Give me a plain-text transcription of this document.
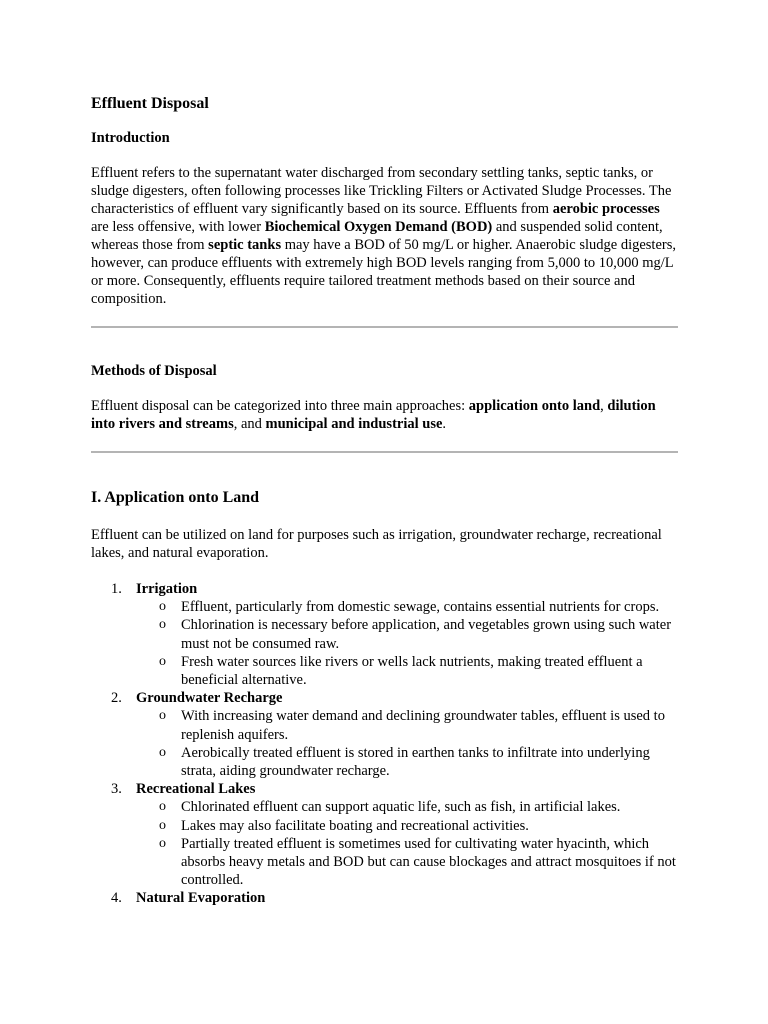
Effluent Disposal
Introduction

Effluent refers to the supernatant water discharged from secondary settling tanks, septic tanks, or sludge digesters, often following processes like Trickling Filters or Activated Sludge Processes. The characteristics of effluent vary significantly based on its source. Effluents from aerobic processes are less offensive, with lower Biochemical Oxygen Demand (BOD) and suspended solid content, whereas those from septic tanks may have a BOD of 50 mg/L or higher. Anaerobic sludge digesters, however, can produce effluents with extremely high BOD levels ranging from 5,000 to 10,000 mg/L or more. Consequently, effluents require tailored treatment methods based on their source and composition.

Methods of Disposal

Effluent disposal can be categorized into three main approaches: application onto land, dilution into rivers and streams, and municipal and industrial use.

I. Application onto Land

Effluent can be utilized on land for purposes such as irrigation, groundwater recharge, recreational lakes, and natural evaporation.

1. Irrigation
o Effluent, particularly from domestic sewage, contains essential nutrients for crops.
o Chlorination is necessary before application, and vegetables grown using such water must not be consumed raw.
o Fresh water sources like rivers or wells lack nutrients, making treated effluent a beneficial alternative.
2. Groundwater Recharge
o With increasing water demand and declining groundwater tables, effluent is used to replenish aquifers.
o Aerobically treated effluent is stored in earthen tanks to infiltrate into underlying strata, aiding groundwater recharge.
3. Recreational Lakes
o Chlorinated effluent can support aquatic life, such as fish, in artificial lakes.
o Lakes may also facilitate boating and recreational activities.
o Partially treated effluent is sometimes used for cultivating water hyacinth, which absorbs heavy metals and BOD but can cause blockages and attract mosquitoes if not controlled.
4. Natural Evaporation
